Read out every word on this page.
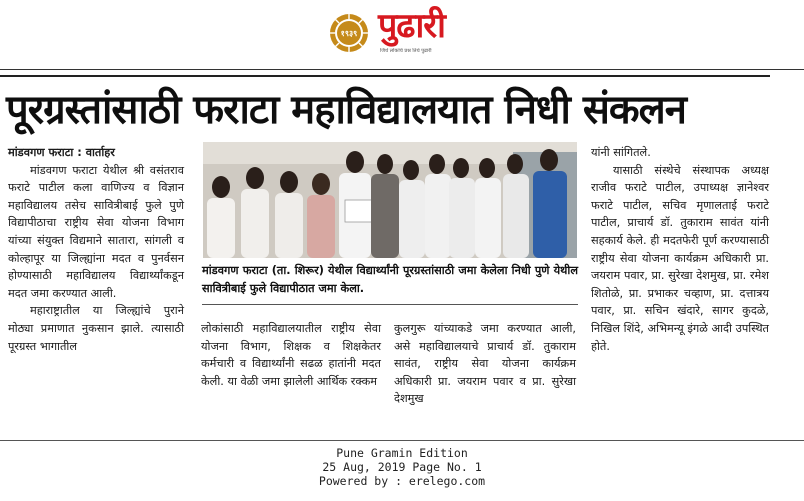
१९३९ पुढारी
जिथे लोकांचे प्रश्न तिथे पुढारी
पूरग्रस्तांसाठी फराटा महाविद्यालयात निधी संकलन

मांडवगण फराटा : वार्ताहर

मांडवगण फराटा येथील श्री वसंतराव फराटे पाटील कला वाणिज्य व विज्ञान महाविद्यालय तसेच सावित्रीबाई फुले पुणे विद्यापीठाचा राष्ट्रीय सेवा योजना विभाग यांच्या संयुक्त विद्यमाने सातारा, सांगली व कोल्हापूर या जिल्ह्यांना मदत व पुनर्वसन होण्यासाठी महाविद्यालय विद्यार्थ्यांकडून मदत जमा करण्यात आली.

महाराष्ट्रातील या जिल्ह्यांचे पुराने मोठ्या प्रमाणात नुकसान झाले. त्यासाठी पूरग्रस्त भागातील

मांडवगण फराटा (ता. शिरूर) येथील विद्यार्थ्यांनी पूरग्रस्तांसाठी जमा केलेला निधी पुणे येथील सावित्रीबाई फुले विद्यापीठात जमा केला.

लोकांसाठी महाविद्यालयातील राष्ट्रीय सेवा योजना विभाग, शिक्षक व शिक्षकेतर कर्मचारी व विद्यार्थ्यांनी सढळ हातांनी मदत केली. या वेळी जमा झालेली आर्थिक रक्कम

कुलगुरू यांच्याकडे जमा करण्यात आली, असे महाविद्यालयाचे प्राचार्य डॉ. तुकाराम सावंत, राष्ट्रीय सेवा योजना कार्यक्रम अधिकारी प्रा. जयराम पवार व प्रा. सुरेखा देशमुख

यांनी सांगितले.

यासाठी संस्थेचे संस्थापक अध्यक्ष राजीव फराटे पाटील, उपाध्यक्ष ज्ञानेश्वर फराटे पाटील, सचिव मृणालताई फराटे पाटील, प्राचार्य डॉ. तुकाराम सावंत यांनी सहकार्य केले. ही मदतफेरी पूर्ण करण्यासाठी राष्ट्रीय सेवा योजना कार्यक्रम अधिकारी प्रा. जयराम पवार, प्रा. सुरेखा देशमुख, प्रा. रमेश शितोळे, प्रा. प्रभाकर चव्हाण, प्रा. दत्तात्रय पवार, प्रा. सचिन खंदारे, सागर कुदळे, निखिल शिंदे, अभिमन्यू इंगळे आदी उपस्थित होते.

Pune Gramin Edition
25 Aug, 2019 Page No. 1
Powered by : erelego.com
